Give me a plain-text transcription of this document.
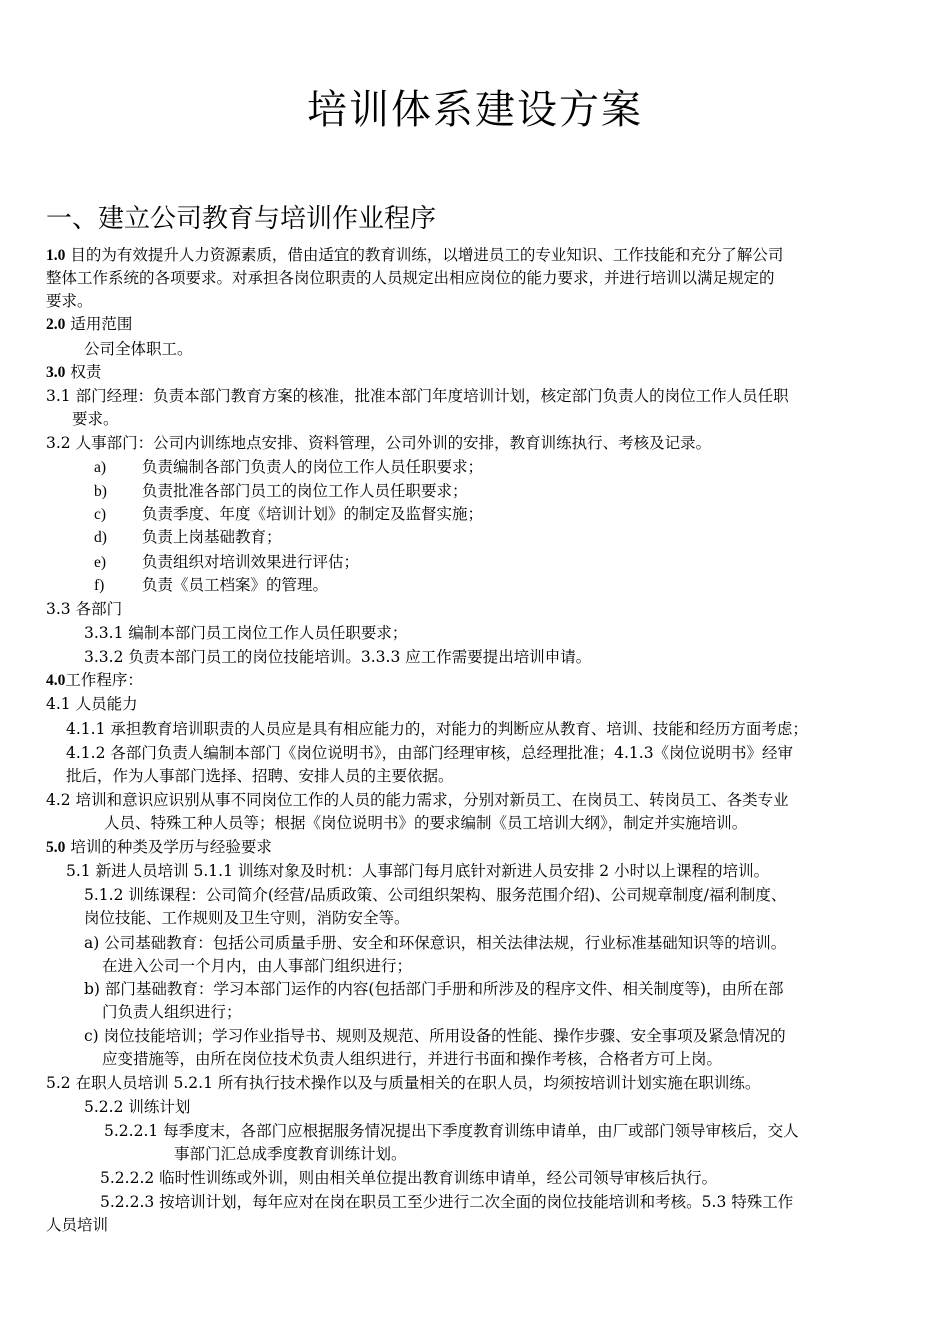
培训体系建设方案
一、建立公司教育与培训作业程序
1.0 目的为有效提升人力资源素质，借由适宜的教育训练，以增进员工的专业知识、工作技能和充分了解公司
整体工作系统的各项要求。对承担各岗位职责的人员规定出相应岗位的能力要求，并进行培训以满足规定的
要求。
2.0 适用范围
公司全体职工。
3.0 权责
3.1 部门经理：负责本部门教育方案的核准，批准本部门年度培训计划，核定部门负责人的岗位工作人员任职
要求。
3.2 人事部门：公司内训练地点安排、资料管理，公司外训的安排，教育训练执行、考核及记录。
a) 负责编制各部门负责人的岗位工作人员任职要求；
b) 负责批准各部门员工的岗位工作人员任职要求；
c) 负责季度、年度《培训计划》的制定及监督实施；
d) 负责上岗基础教育；
e) 负责组织对培训效果进行评估；
f) 负责《员工档案》的管理。
3.3 各部门
3.3.1 编制本部门员工岗位工作人员任职要求；
3.3.2 负责本部门员工的岗位技能培训。3.3.3 应工作需要提出培训申请。
4.0工作程序：
4.1 人员能力
4.1.1 承担教育培训职责的人员应是具有相应能力的，对能力的判断应从教育、培训、技能和经历方面考虑；
4.1.2 各部门负责人编制本部门《岗位说明书》，由部门经理审核，总经理批准；4.1.3《岗位说明书》经审
批后，作为人事部门选择、招聘、安排人员的主要依据。
4.2 培训和意识应识别从事不同岗位工作的人员的能力需求，分别对新员工、在岗员工、转岗员工、各类专业
人员、特殊工种人员等；根据《岗位说明书》的要求编制《员工培训大纲》，制定并实施培训。
5.0 培训的种类及学历与经验要求
5.1 新进人员培训 5.1.1 训练对象及时机：人事部门每月底针对新进人员安排 2 小时以上课程的培训。
5.1.2 训练课程：公司简介(经营/品质政策、公司组织架构、服务范围介绍)、公司规章制度/福利制度、
岗位技能、工作规则及卫生守则，消防安全等。
a) 公司基础教育：包括公司质量手册、安全和环保意识，相关法律法规，行业标准基础知识等的培训。
在进入公司一个月内，由人事部门组织进行；
b) 部门基础教育：学习本部门运作的内容(包括部门手册和所涉及的程序文件、相关制度等)，由所在部
门负责人组织进行；
c) 岗位技能培训；学习作业指导书、规则及规范、所用设备的性能、操作步骤、安全事项及紧急情况的
应变措施等，由所在岗位技术负责人组织进行，并进行书面和操作考核，合格者方可上岗。
5.2 在职人员培训 5.2.1 所有执行技术操作以及与质量相关的在职人员，均须按培训计划实施在职训练。
5.2.2 训练计划
5.2.2.1 每季度末，各部门应根据服务情况提出下季度教育训练申请单，由厂或部门领导审核后，交人
事部门汇总成季度教育训练计划。
5.2.2.2 临时性训练或外训，则由相关单位提出教育训练申请单，经公司领导审核后执行。
5.2.2.3 按培训计划，每年应对在岗在职员工至少进行二次全面的岗位技能培训和考核。5.3 特殊工作
人员培训
